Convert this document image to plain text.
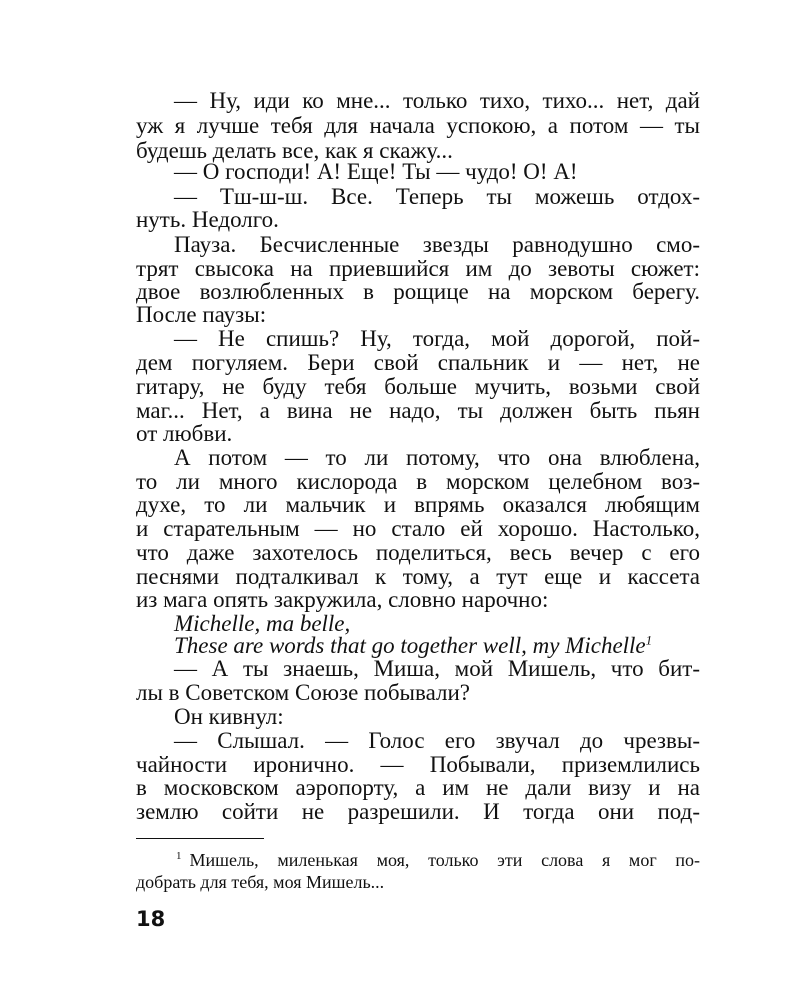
— Ну, иди ко мне... только тихо, тихо... нет, дай
уж я лучше тебя для начала успокою, а потом — ты
будешь делать все, как я скажу...
— О господи! А! Еще! Ты — чудо! О! А!
— Тш-ш-ш. Все. Теперь ты можешь отдох-
нуть. Недолго.
Пауза. Бесчисленные звезды равнодушно смо-
трят свысока на приевшийся им до зевоты сюжет:
двое возлюбленных в рощице на морском берегу.
После паузы:
— Не спишь? Ну, тогда, мой дорогой, пой-
дем погуляем. Бери свой спальник и — нет, не
гитару, не буду тебя больше мучить, возьми свой
маг... Нет, а вина не надо, ты должен быть пьян
от любви.
А потом — то ли потому, что она влюблена,
то ли много кислорода в морском целебном воз-
духе, то ли мальчик и впрямь оказался любящим
и старательным — но стало ей хорошо. Настолько,
что даже захотелось поделиться, весь вечер с его
песнями подталкивал к тому, а тут еще и кассета
из мага опять закружила, словно нарочно:
Michelle, ma belle,
These are words that go together well, my Michelle$^1$
— А ты знаешь, Миша, мой Мишель, что бит-
лы в Советском Союзе побывали?
Он кивнул:
— Слышал. — Голос его звучал до чрезвы-
чайности иронично. — Побывали, приземлились
в московском аэропорту, а им не дали визу и на
землю сойти не разрешили. И тогда они под-
$^1$ Мишель, миленькая моя, только эти слова я мог по-
добрать для тебя, моя Мишель...
18
